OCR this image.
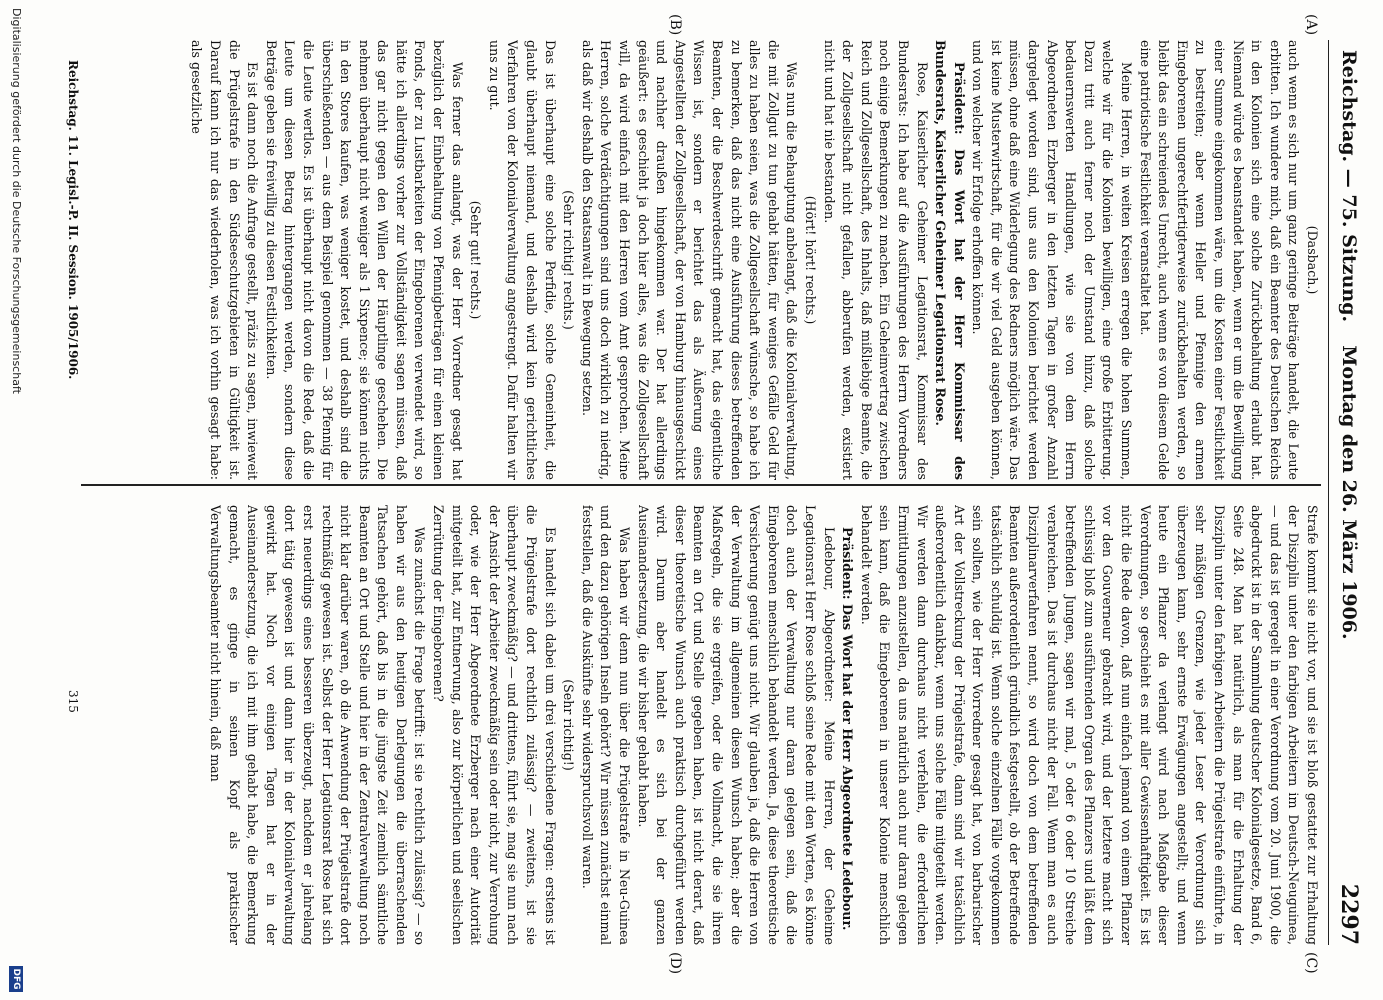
Reichstag. — 75. Sitzung.
Montag den 26. März 1906.
2297
(A)
(B)
(C)
(D)

(Dasbach.)

auch wenn es sich nur um ganz geringe Beiträge handelt, die Leute erbitten. Ich wundere mich, daß ein Beamter des Deutschen Reichs in den Kolonien sich eine solche Zurückbehaltung erlaubt hat. Niemand würde es beanstandet haben, wenn er um die Bewilligung einer Summe eingekommen wäre, um die Kosten einer Festlichkeit zu bestreiten; aber wenn Heller und Pfennige den armen Eingeborenen ungerechtfertigterweise zurückbehalten werden, so bleibt das ein schreiendes Unrecht, auch wenn es von diesem Gelde eine patriotische Festlichkeit veranstaltet hat.

Meine Herren, in weiten Kreisen erregen die hohen Summen, welche wir für die Kolonien bewilligen, eine große Erbitterung. Dazu tritt auch ferner noch der Umstand hinzu, daß solche bedauernswerten Handlungen, wie sie von dem Herrn Abgeordneten Erzberger in den letzten Tagen in großer Anzahl dargelegt worden sind, uns aus den Kolonien berichtet werden müssen, ohne daß eine Widerlegung des Redners möglich wäre. Das ist keine Musterwirtschaft, für die wir viel Geld ausgeben können, und von welcher wir Erfolge erhoffen können.

Präsident: Das Wort hat der Herr Kommissar des Bundesrats, Kaiserlicher Geheimer Legationsrat Rose.

Rose, Kaiserlicher Geheimer Legationsrat, Kommissar des Bundesrats: Ich habe auf die Ausführungen des Herrn Vorredners noch einige Bemerkungen zu machen. Ein Geheimvertrag zwischen Reich und Zollgesellschaft, des Inhalts, daß mißliebige Beamte, die der Zollgesellschaft nicht gefallen, abberufen werden, existiert nicht und hat nie bestanden.

(Hört! hört! rechts.)

Was nun die Behauptung anbelangt, daß die Kolonialverwaltung, die mit Zollgut zu tun gehabt hätten, für weniges Gefälle Geld für alles zu haben seien, was die Zollgesellschaft wünsche, so habe ich zu bemerken, daß das nicht eine Ausführung dieses betreffenden Beamten, der die Beschwerdeschrift gemacht hat, das eigentliche Wissen ist, sondern er berichtet das als Äußerung eines Angestellten der Zollgesellschaft, der von Hamburg hinausgeschickt und nachher draußen hingekommen war. Der hat allerdings geäußert: es geschieht ja doch hier alles, was die Zollgesellschaft will, da wird einfach mit den Herren vom Amt gesprochen. Meine Herren, solche Verdächtigungen sind uns doch wirklich zu niedrig, als daß wir deshalb den Staatsanwalt in Bewegung setzen.

(Sehr richtig! rechts.)

Das ist überhaupt eine solche Perfidie, solche Gemeinheit, die glaubt überhaupt niemand, und deshalb wird kein gerichtliches Verfahren von der Kolonialverwaltung angestrengt. Dafür halten wir uns zu gut.

(Sehr gut! rechts.)

Was ferner das anlangt, was der Herr Vorredner gesagt hat bezüglich der Einbehaltung von Pfennigbeträgen für einen kleinen Fonds, der zu Lustbarkeiten der Eingeborenen verwendet wird, so hätte ich allerdings vorher zur Vollständigkeit sagen müssen, daß das gar nicht gegen den Willen der Häuptlinge geschehen. Die nehmen überhaupt nicht weniger als 1 Sixpence; sie können nichts in den Stores kaufen, was weniger kostet, und deshalb sind die überschießenden — aus dem Beispiel genommen — 38 Pfennig für die Leute wertlos. Es ist überhaupt nicht davon die Rede, daß die Leute um diesen Betrag hintergangen werden, sondern diese Beträge geben sie freiwillig zu diesen Festlichkeiten.

Es ist dann noch die Anfrage gestellt, präzis zu sagen, inwieweit die Prügelstrafe in den Südseeschutzgebieten in Gültigkeit ist. Darauf kann ich nur das wiederholen, was ich vorhin gesagt habe: als gesetzliche

Strafe kommt sie nicht vor, und sie ist bloß gestattet zur Erhaltung der Disziplin unter den farbigen Arbeitern im Deutsch-Neuguinea, — und das ist geregelt in einer Verordnung vom 20. Juni 1900, die abgedruckt ist in der Sammlung deutscher Kolonialgesetze, Band 6, Seite 248. Man hat natürlich, als man für die Erhaltung der Disziplin unter den farbigen Arbeitern die Prügelstrafe einführte, in sehr mäßigen Grenzen, wie jeder Leser der Verordnung sich überzeugen kann, sehr ernste Erwägungen angestellt; und wenn heute ein Pflanzer da verlangt wird nach Maßgabe dieser Verordnungen, so geschieht es mit aller Gewissenhaftigkeit. Es ist nicht die Rede davon, daß nun einfach jemand von einem Pflanzer vor den Gouverneur gebracht wird, und der letztere macht sich schlüssig bloß zum ausführenden Organ des Pflanzers und läßt dem betreffenden Jungen, sagen wir mal, 5 oder 6 oder 10 Streiche verabreichen. Das ist durchaus nicht der Fall. Wenn man es auch Disziplinarverfahren nennt, so wird doch von dem betreffenden Beamten außerordentlich gründlich festgestellt, ob der Betreffende tatsächlich schuldig ist. Wenn solche einzelnen Fälle vorgekommen sein sollten, wie der Herr Vorredner gesagt hat, von barbarischer Art der Vollstreckung der Prügelstrafe, dann sind wir tatsächlich außerordentlich dankbar, wenn uns solche Fälle mitgeteilt werden. Wir werden dann durchaus nicht verfehlen, die erforderlichen Ermittlungen anzustellen, da uns natürlich auch nur daran gelegen sein kann, daß die Eingeborenen in unserer Kolonie menschlich behandelt werden.

Präsident: Das Wort hat der Herr Abgeordnete Ledebour.

Ledebour, Abgeordneter: Meine Herren, der Geheime Legationsrat Herr Rose schloß seine Rede mit den Worten, es könne doch auch der Verwaltung nur daran gelegen sein, daß die Eingeborenen menschlich behandelt werden. Ja, diese theoretische Versicherung genügt uns nicht. Wir glauben ja, daß die Herren von der Verwaltung im allgemeinen diesen Wunsch haben; aber die Maßregeln, die sie ergreifen, oder die Vollmacht, die sie ihren Beamten an Ort und Stelle gegeben haben, ist nicht derart, daß dieser theoretische Wunsch auch praktisch durchgeführt werden wird. Darum aber handelt es sich bei der ganzen Auseinandersetzung, die wir bisher gehabt haben.

Was haben wir denn nun über die Prügelstrafe in Neu-Guinea und den dazu gehörigen Inseln gehört? Wir müssen zunächst einmal feststellen, daß die Auskünfte sehr widerspruchsvoll waren.

(Sehr richtig!)

Es handelt sich dabei um drei verschiedene Fragen: erstens ist die Prügelstrafe dort rechtlich zulässig? — zweitens, ist sie überhaupt zweckmäßig? — und drittens, führt sie, mag sie nun nach der Ansicht der Arbeiter zweckmäßig sein oder nicht, zur Verrohung oder, wie der Herr Abgeordnete Erzberger nach einer Autorität mitgeteilt hat, zur Entnervung, also zur körperlichen und seelischen Zerrüttung der Eingeborenen?

Was zunächst die Frage betrifft: ist sie rechtlich zulässig? — so haben wir aus den heutigen Darlegungen die überraschenden Tatsachen gehört, daß bis in die jüngste Zeit ziemlich sämtliche Beamten an Ort und Stelle und hier in der Zentralverwaltung noch nicht klar darüber waren, ob die Anwendung der Prügelstrafe dort rechtmäßig gewesen ist. Selbst der Herr Legationsrat Rose hat sich erst neuerdings eines besseren überzeugt, nachdem er jahrelang dort tätig gewesen ist und dann hier in der Kolonialverwaltung gewirkt hat. Noch vor einigen Tagen hat er in der Auseinandersetzung, die ich mit ihm gehabt habe, die Bemerkung gemacht, es ginge in seinen Kopf als praktischer Verwaltungsbeamter nicht hinein, daß man

Reichstag. 11. Legisl.-P. II. Session. 1905/1906.
315
Digitalisierung gefördert durch die Deutsche Forschungsgemeinschaft
DFG
